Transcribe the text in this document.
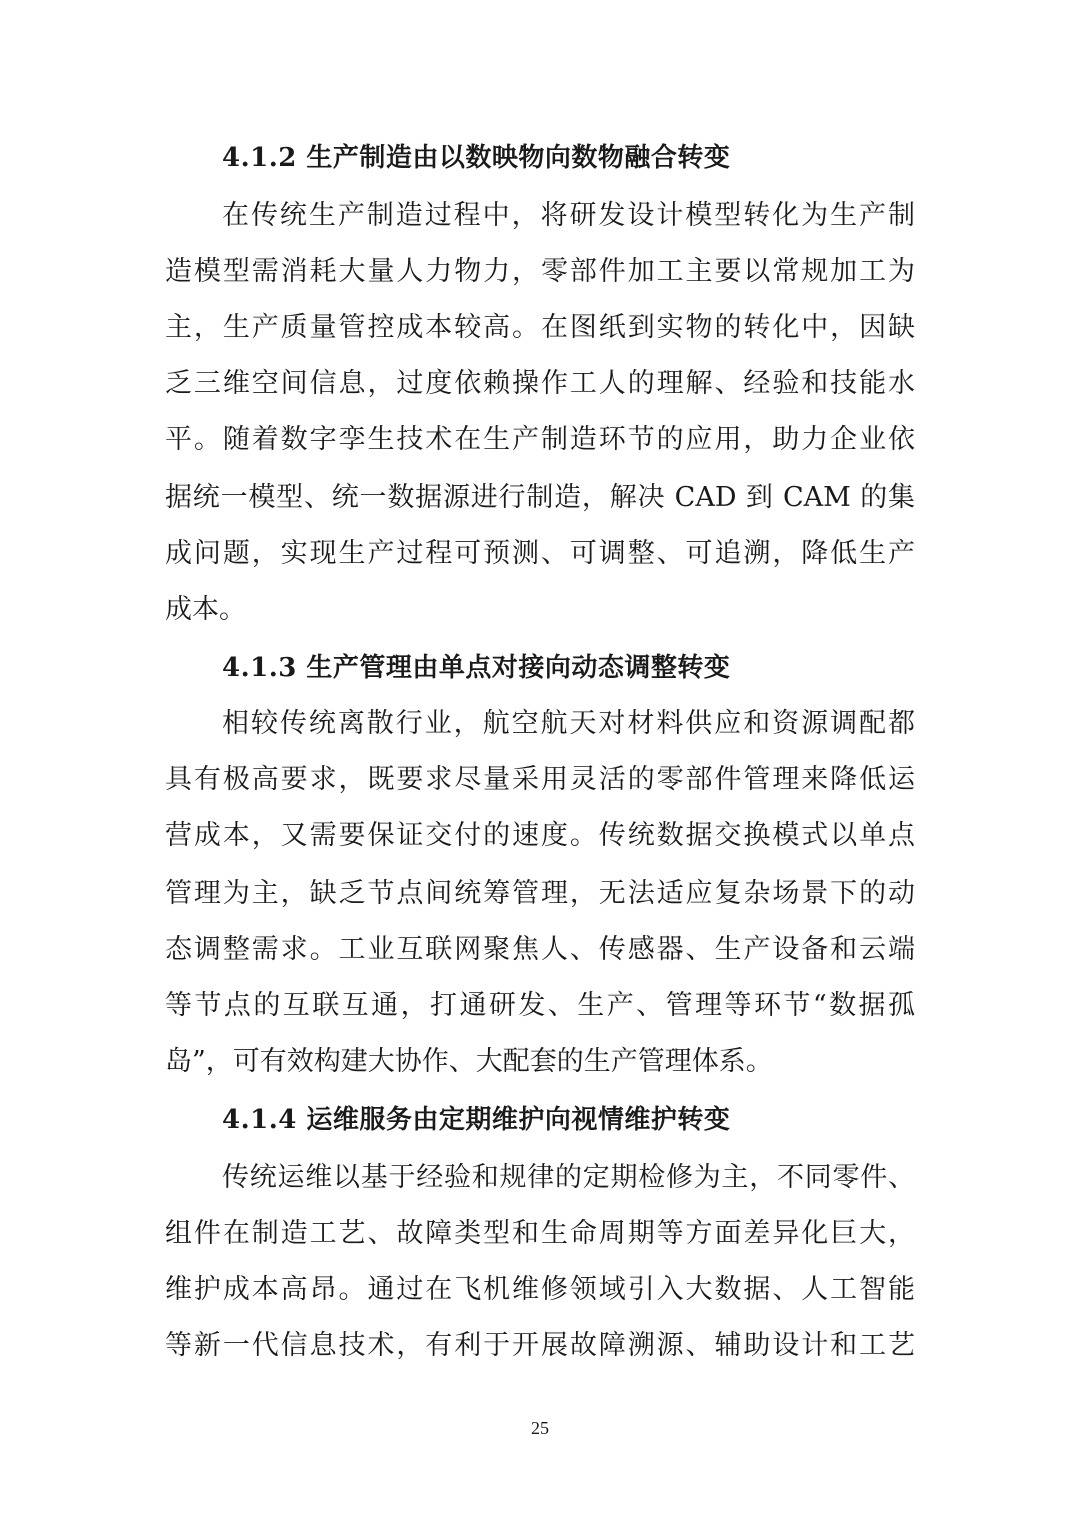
4.1.2 生产制造由以数映物向数物融合转变
在传统生产制造过程中，将研发设计模型转化为生产制
造模型需消耗大量人力物力，零部件加工主要以常规加工为
主，生产质量管控成本较高。在图纸到实物的转化中，因缺
乏三维空间信息，过度依赖操作工人的理解、经验和技能水
平。随着数字孪生技术在生产制造环节的应用，助力企业依
据统一模型、统一数据源进行制造，解决 CAD 到 CAM 的集
成问题，实现生产过程可预测、可调整、可追溯，降低生产
成本。
4.1.3 生产管理由单点对接向动态调整转变
相较传统离散行业，航空航天对材料供应和资源调配都
具有极高要求，既要求尽量采用灵活的零部件管理来降低运
营成本，又需要保证交付的速度。传统数据交换模式以单点
管理为主，缺乏节点间统筹管理，无法适应复杂场景下的动
态调整需求。工业互联网聚焦人、传感器、生产设备和云端
等节点的互联互通，打通研发、生产、管理等环节“数据孤
岛”，可有效构建大协作、大配套的生产管理体系。
4.1.4 运维服务由定期维护向视情维护转变
传统运维以基于经验和规律的定期检修为主，不同零件、
组件在制造工艺、故障类型和生命周期等方面差异化巨大，
维护成本高昂。通过在飞机维修领域引入大数据、人工智能
等新一代信息技术，有利于开展故障溯源、辅助设计和工艺
25
